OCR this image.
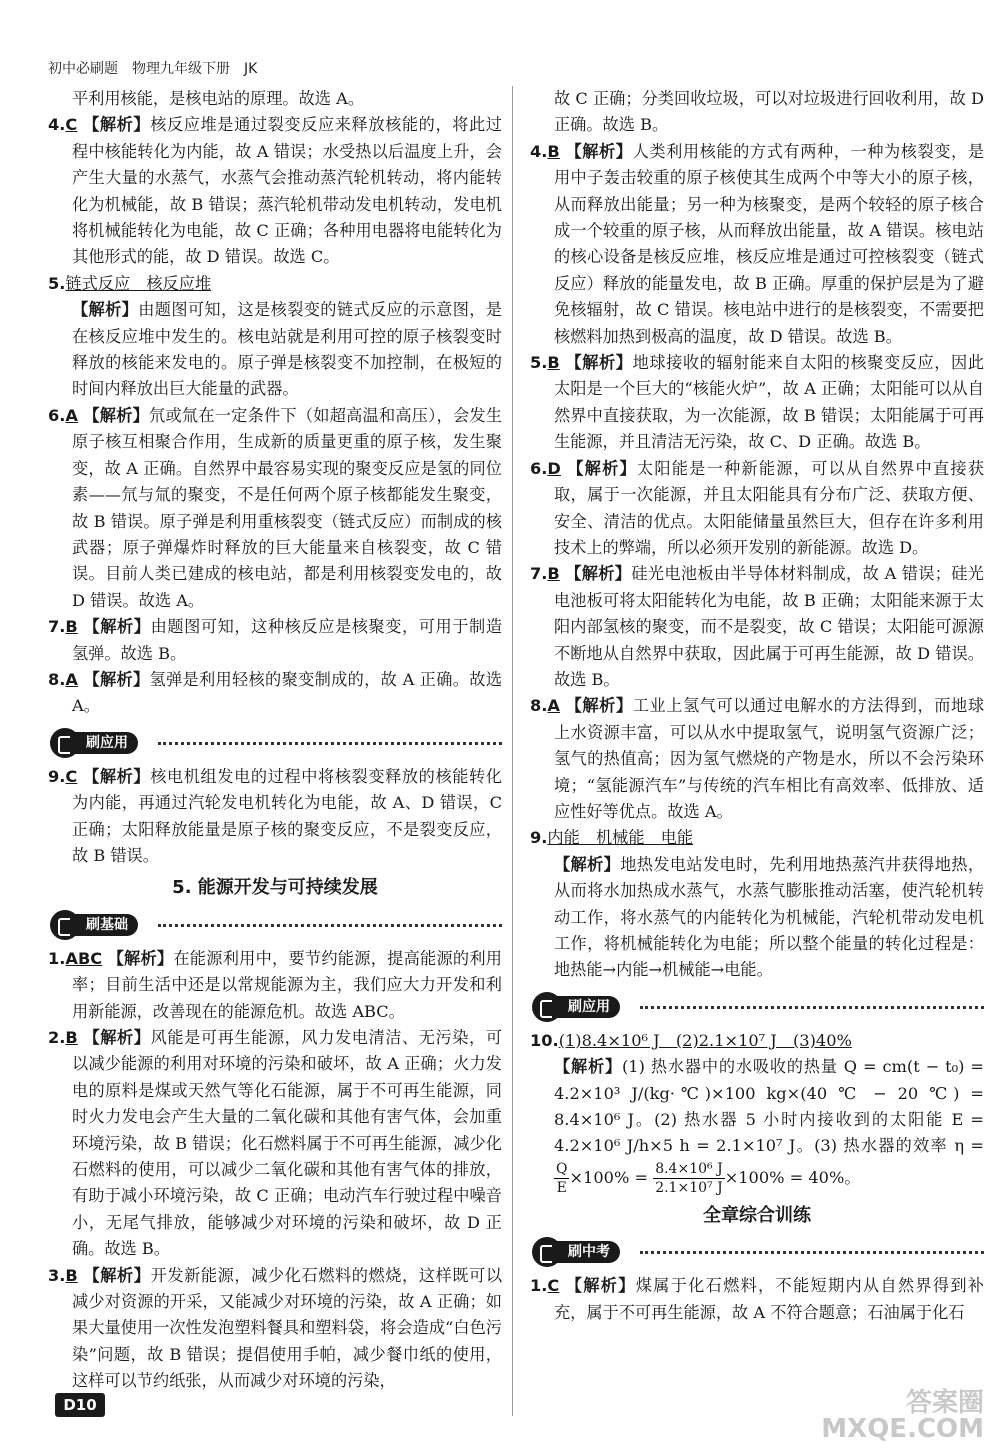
初中必刷题　物理九年级下册　JK

平利用核能，是核电站的原理。故选 A。

4.C 【解析】核反应堆是通过裂变反应来释放核能的，将此过程中核能转化为内能，故 A 错误；水受热以后温度上升，会产生大量的水蒸气，水蒸气会推动蒸汽轮机转动，将内能转化为机械能，故 B 错误；蒸汽轮机带动发电机转动，发电机将机械能转化为电能，故 C 正确；各种用电器将电能转化为其他形式的能，故 D 错误。故选 C。

5.链式反应　核反应堆

【解析】由题图可知，这是核裂变的链式反应的示意图，是在核反应堆中发生的。核电站就是利用可控的原子核裂变时释放的核能来发电的。原子弹是核裂变不加控制，在极短的时间内释放出巨大能量的武器。

6.A 【解析】氘或氚在一定条件下（如超高温和高压），会发生原子核互相聚合作用，生成新的质量更重的原子核，发生聚变，故 A 正确。自然界中最容易实现的聚变反应是氢的同位素——氘与氚的聚变，不是任何两个原子核都能发生聚变，故 B 错误。原子弹是利用重核裂变（链式反应）而制成的核武器；原子弹爆炸时释放的巨大能量来自核裂变，故 C 错误。目前人类已建成的核电站，都是利用核裂变发电的，故 D 错误。故选 A。

7.B 【解析】由题图可知，这种核反应是核聚变，可用于制造氢弹。故选 B。

8.A 【解析】氢弹是利用轻核的聚变制成的，故 A 正确。故选 A。

刷应用

9.C 【解析】核电机组发电的过程中将核裂变释放的核能转化为内能，再通过汽轮发电机转化为电能，故 A、D 错误，C 正确；太阳释放能量是原子核的聚变反应，不是裂变反应，故 B 错误。

5. 能源开发与可持续发展
刷基础

1.ABC 【解析】在能源利用中，要节约能源，提高能源的利用率；目前生活中还是以常规能源为主，我们应大力开发和利用新能源，改善现在的能源危机。故选 ABC。

2.B 【解析】风能是可再生能源，风力发电清洁、无污染，可以减少能源的利用对环境的污染和破坏，故 A 正确；火力发电的原料是煤或天然气等化石能源，属于不可再生能源，同时火力发电会产生大量的二氧化碳和其他有害气体，会加重环境污染，故 B 错误；化石燃料属于不可再生能源，减少化石燃料的使用，可以减少二氧化碳和其他有害气体的排放，有助于减小环境污染，故 C 正确；电动汽车行驶过程中噪音小，无尾气排放，能够减少对环境的污染和破坏，故 D 正确。故选 B。

3.B 【解析】开发新能源，减少化石燃料的燃烧，这样既可以减少对资源的开采，又能减少对环境的污染，故 A 正确；如果大量使用一次性发泡塑料餐具和塑料袋，将会造成“白色污染”问题，故 B 错误；提倡使用手帕，减少餐巾纸的使用，这样可以节约纸张，从而减少对环境的污染，

故 C 正确；分类回收垃圾，可以对垃圾进行回收利用，故 D 正确。故选 B。

4.B 【解析】人类利用核能的方式有两种，一种为核裂变，是用中子轰击较重的原子核使其生成两个中等大小的原子核，从而释放出能量；另一种为核聚变，是两个较轻的原子核合成一个较重的原子核，从而释放出能量，故 A 错误。核电站的核心设备是核反应堆，核反应堆是通过可控核裂变（链式反应）释放的能量发电，故 B 正确。厚重的保护层是为了避免核辐射，故 C 错误。核电站中进行的是核裂变，不需要把核燃料加热到极高的温度，故 D 错误。故选 B。

5.B 【解析】地球接收的辐射能来自太阳的核聚变反应，因此太阳是一个巨大的“核能火炉”，故 A 正确；太阳能可以从自然界中直接获取，为一次能源，故 B 错误；太阳能属于可再生能源，并且清洁无污染，故 C、D 正确。故选 B。

6.D 【解析】太阳能是一种新能源，可以从自然界中直接获取，属于一次能源，并且太阳能具有分布广泛、获取方便、安全、清洁的优点。太阳能储量虽然巨大，但存在许多利用技术上的弊端，所以必须开发别的新能源。故选 D。

7.B 【解析】硅光电池板由半导体材料制成，故 A 错误；硅光电池板可将太阳能转化为电能，故 B 正确；太阳能来源于太阳内部氢核的聚变，而不是裂变，故 C 错误；太阳能可源源不断地从自然界中获取，因此属于可再生能源，故 D 错误。故选 B。

8.A 【解析】工业上氢气可以通过电解水的方法得到，而地球上水资源丰富，可以从水中提取氢气，说明氢气资源广泛；氢气的热值高；因为氢气燃烧的产物是水，所以不会污染环境；“氢能源汽车”与传统的汽车相比有高效率、低排放、适应性好等优点。故选 A。

9.内能　机械能　电能

【解析】地热发电站发电时，先利用地热蒸汽井获得地热，从而将水加热成水蒸气，水蒸气膨胀推动活塞，使汽轮机转动工作，将水蒸气的内能转化为机械能，汽轮机带动发电机工作，将机械能转化为电能；所以整个能量的转化过程是：地热能→内能→机械能→电能。

刷应用

10.(1)8.4×10⁶ J　(2)2.1×10⁷ J　(3)40%

【解析】(1) 热水器中的水吸收的热量 Q = cm(t − t₀) = 4.2×10³ J/(kg·℃)×100 kg×(40 ℃ − 20 ℃) = 8.4×10⁶ J。(2) 热水器 5 小时内接收到的太阳能 E = 4.2×10⁶ J/h×5 h = 2.1×10⁷ J。(3) 热水器的效率 η =
$\frac{Q}{E} \times 100\% = \frac{\text{8.4×10⁶ J}}{\text{2.1×10⁷ J}} \times 100\% = 40\%$。

全章综合训练
刷中考

1.C 【解析】煤属于化石燃料，不能短期内从自然界得到补充，属于不可再生能源，故 A 不符合题意；石油属于化石

D10	答案圈
MXQE.COM
